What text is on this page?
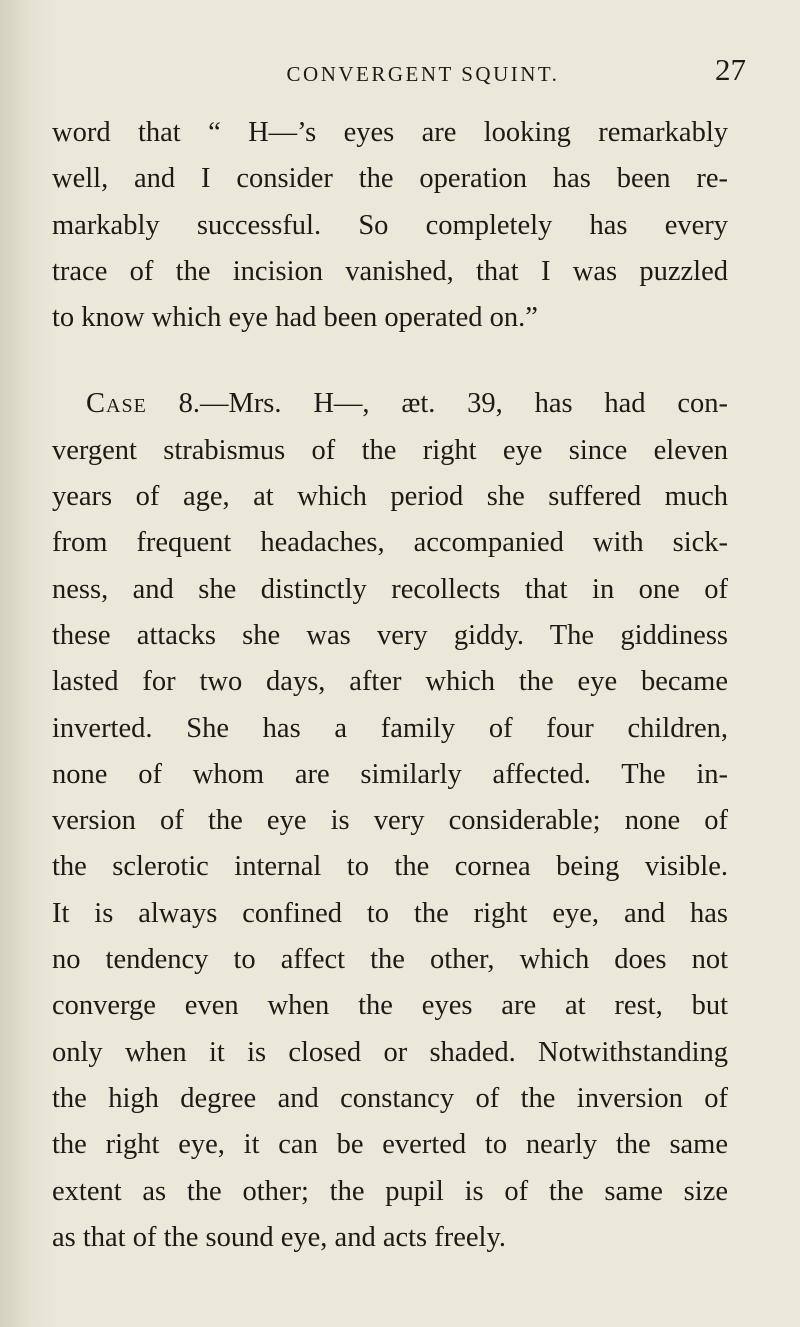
CONVERGENT SQUINT.	27
word that “ H—’s eyes are looking remarkably
well, and I consider the operation has been re-
markably successful. So completely has every
trace of the incision vanished, that I was puzzled
to know which eye had been operated on.”
Case 8.—Mrs. H—, æt. 39, has had con-
vergent strabismus of the right eye since eleven
years of age, at which period she suffered much
from frequent headaches, accompanied with sick-
ness, and she distinctly recollects that in one of
these attacks she was very giddy. The giddiness
lasted for two days, after which the eye became
inverted. She has a family of four children,
none of whom are similarly affected. The in-
version of the eye is very considerable; none of
the sclerotic internal to the cornea being visible.
It is always confined to the right eye, and has
no tendency to affect the other, which does not
converge even when the eyes are at rest, but
only when it is closed or shaded. Notwithstanding
the high degree and constancy of the inversion of
the right eye, it can be everted to nearly the same
extent as the other; the pupil is of the same size
as that of the sound eye, and acts freely.
